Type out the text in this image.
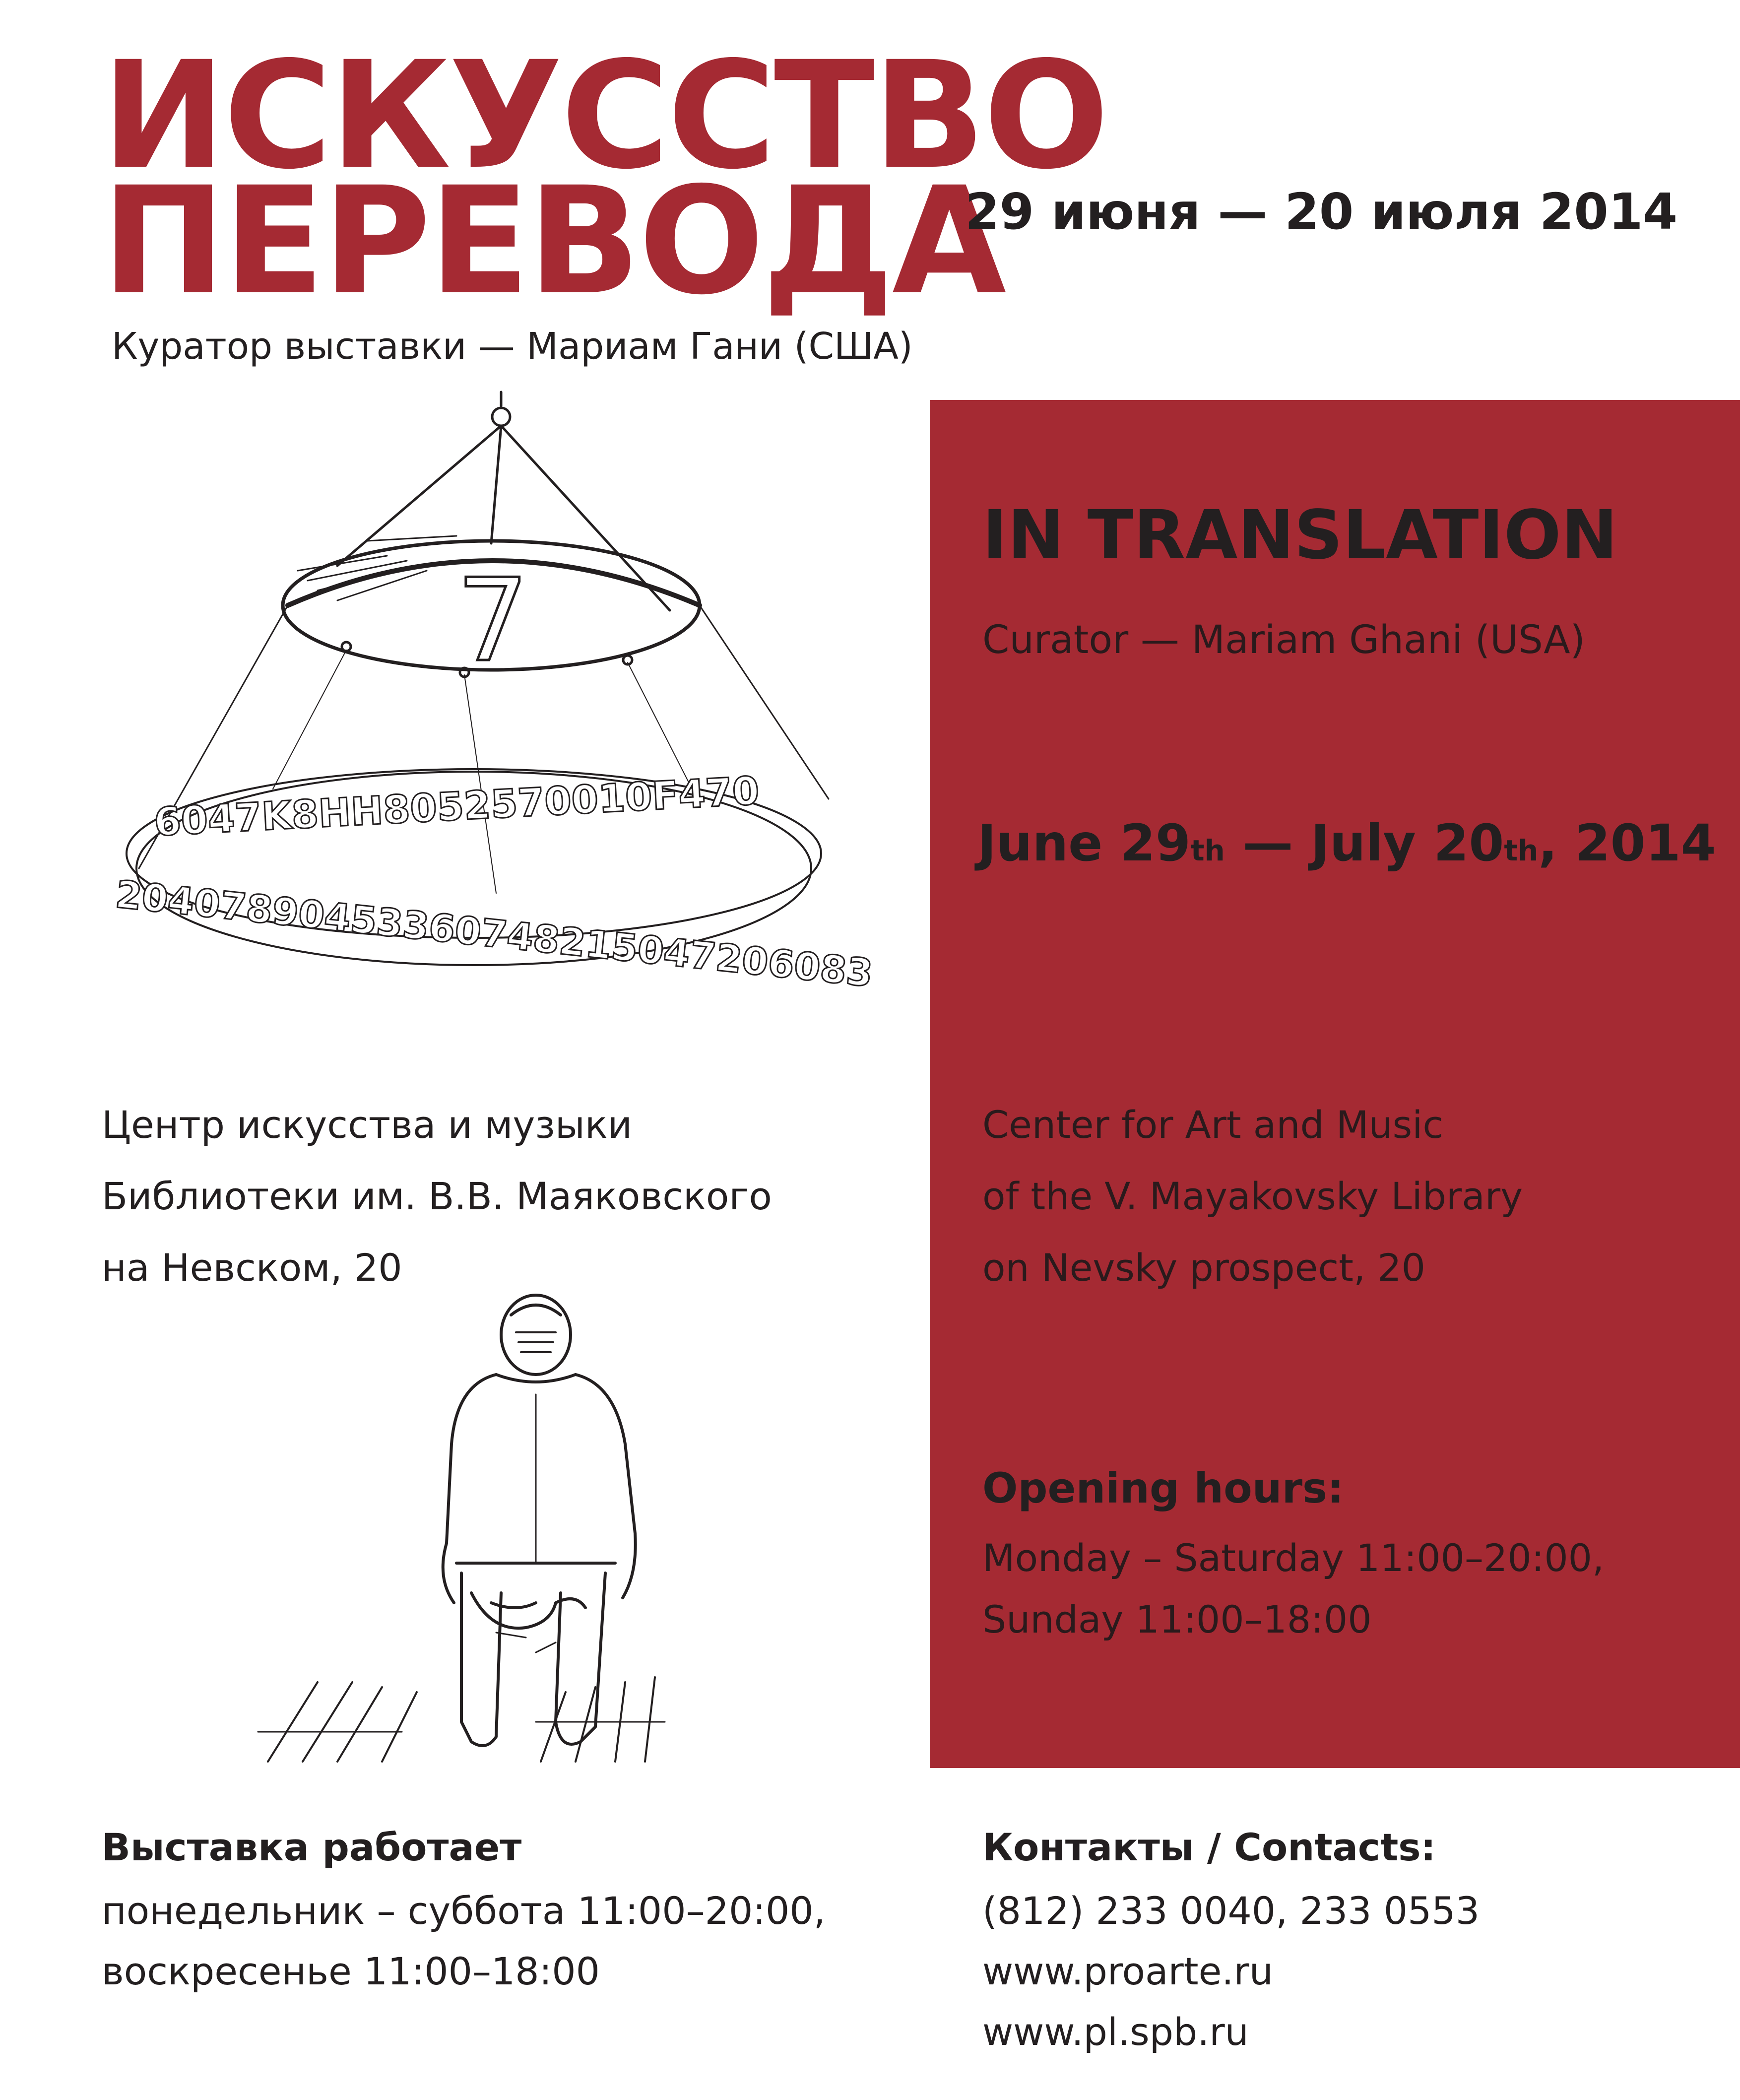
ИСКУССТВО
ПЕРЕВОДА
29 июня — 20 июля 2014
Куратор выставки — Мариам Гани (США)
7
6047K8HH8052570010F470
20407890453360748215047206083
Центр искусства и музыки
Библиотеки им. В.В. Маяковского
на Невском, 20
IN TRANSLATION
Curator — Mariam Ghani (USA)
June 29th — July 20th, 2014
Center for Art and Music
of the V. Mayakovsky Library
on Nevsky prospect, 20
Opening hours:
Monday – Saturday 11:00–20:00,
Sunday 11:00–18:00
Выставка работает
понедельник – суббота 11:00–20:00,
воскресенье 11:00–18:00
Контакты / Contacts:
(812) 233 0040, 233 0553
www.proarte.ru
www.pl.spb.ru
